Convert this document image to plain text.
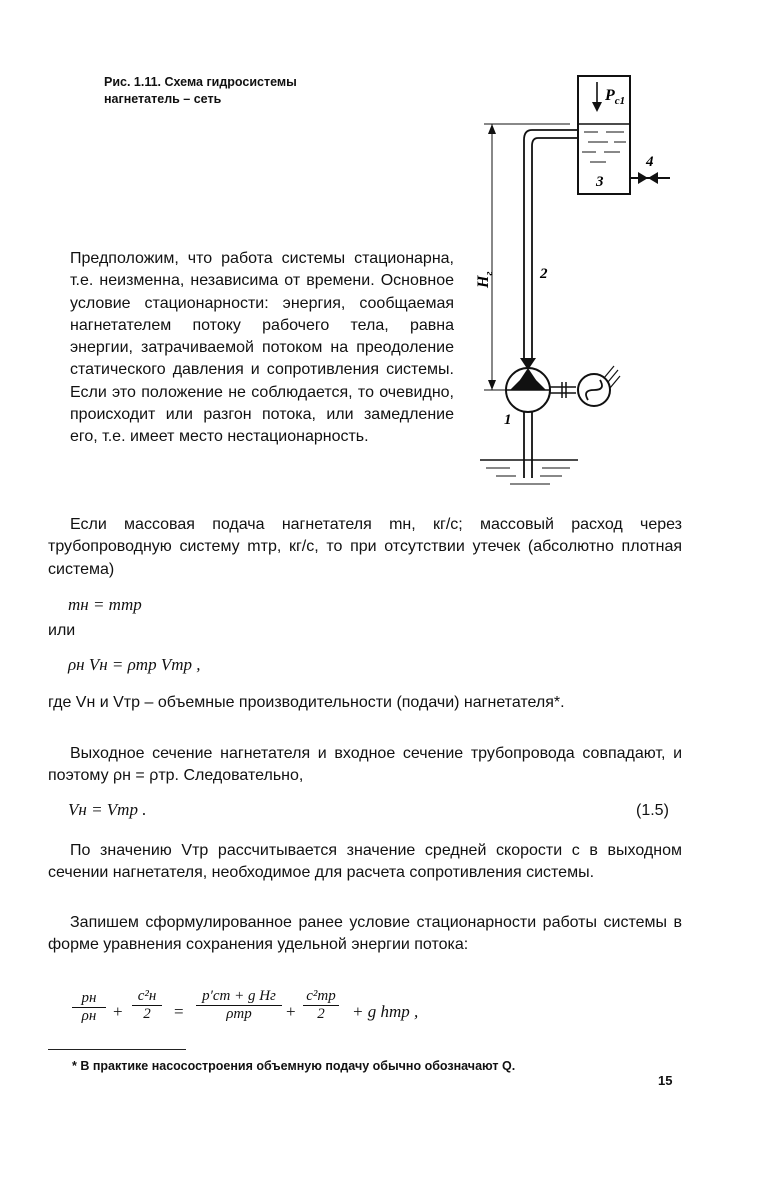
Рис. 1.11. Схема гидросистемы
нагнетатель – сеть	$P_{c1}$
4
3
2
$H_г$
1

Предположим, что работа системы стационарна, т.е. неизменна, независима от времени. Основное условие стационарности: энергия, сообщаемая нагнетателем потоку рабочего тела, равна энергии, затрачиваемой потоком на преодоление статического давления и сопротивления системы. Если это положение не соблюдается, то очевидно, происходит или разгон потока, или замедление его, т.е. имеет место нестационарность.

Если массовая подача нагнетателя mн, кг/с; массовый расход через трубопроводную систему mтр, кг/с, то при отсутствии утечек (абсолютно плотная система)

mн = mтр
или
ρн Vн = ρтр Vтр ,

где Vн и Vтр – объемные производительности (подачи) нагнетателя*.

Выходное сечение нагнетателя и входное сечение трубопровода совпадают, и поэтому ρн = ρтр. Следовательно,

Vн = Vтр .	(1.5)

По значению Vтр рассчитывается значение средней скорости c в выходном сечении нагнетателя, необходимое для расчета сопротивления системы.

Запишем сформулированное ранее условие стационарности работы системы в форме уравнения сохранения удельной энергии потока:

pн
ρн +
c²н
2	=
p′ст + g Hг
ρтр	+
c²тр
2	+ g hтр ,
* В практике насосостроения объемную подачу обычно обозначают Q.
15
